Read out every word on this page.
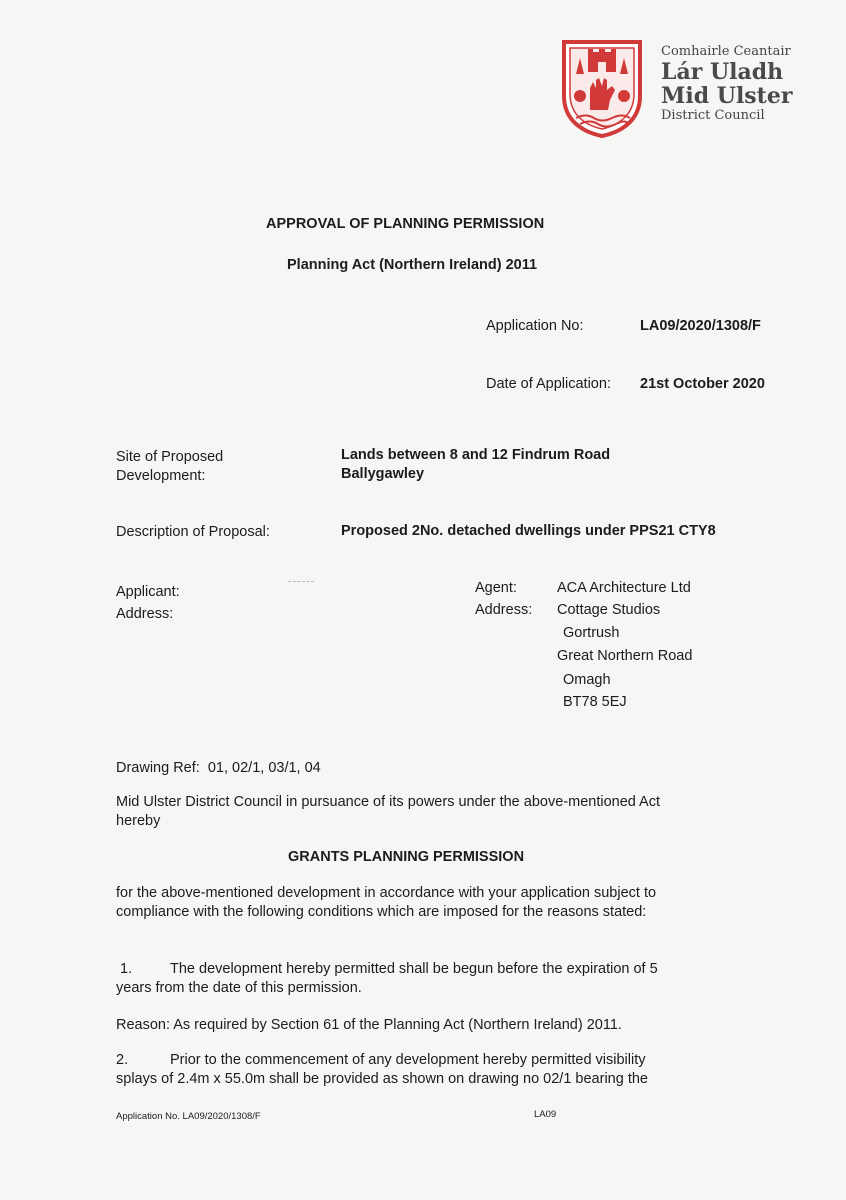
Comhairle Ceantair
Lár Uladh
Mid Ulster
District Council
APPROVAL OF PLANNING PERMISSION
Planning Act (Northern Ireland) 2011
Application No:	LA09/2020/1308/F
Date of Application: 21st October 2020
Site of Proposed
Development:
Lands between 8 and 12 Findrum Road
Ballygawley
Description of Proposal:	Proposed 2No. detached dwellings under PPS21 CTY8
Applicant:
Address:
Agent:	ACA Architecture Ltd
Address: Cottage Studios
Gortrush
Great Northern Road
Omagh
BT78 5EJ
Drawing Ref:  01, 02/1, 03/1, 04
Mid Ulster District Council in pursuance of its powers under the above-mentioned Act
hereby
GRANTS PLANNING PERMISSION
for the above-mentioned development in accordance with your application subject to
compliance with the following conditions which are imposed for the reasons stated:
1.	The development hereby permitted shall be begun before the expiration of 5
years from the date of this permission.
Reason: As required by Section 61 of the Planning Act (Northern Ireland) 2011.
2.	Prior to the commencement of any development hereby permitted visibility
splays of 2.4m x 55.0m shall be provided as shown on drawing no 02/1 bearing the
Application No. LA09/2020/1308/F	LA09
